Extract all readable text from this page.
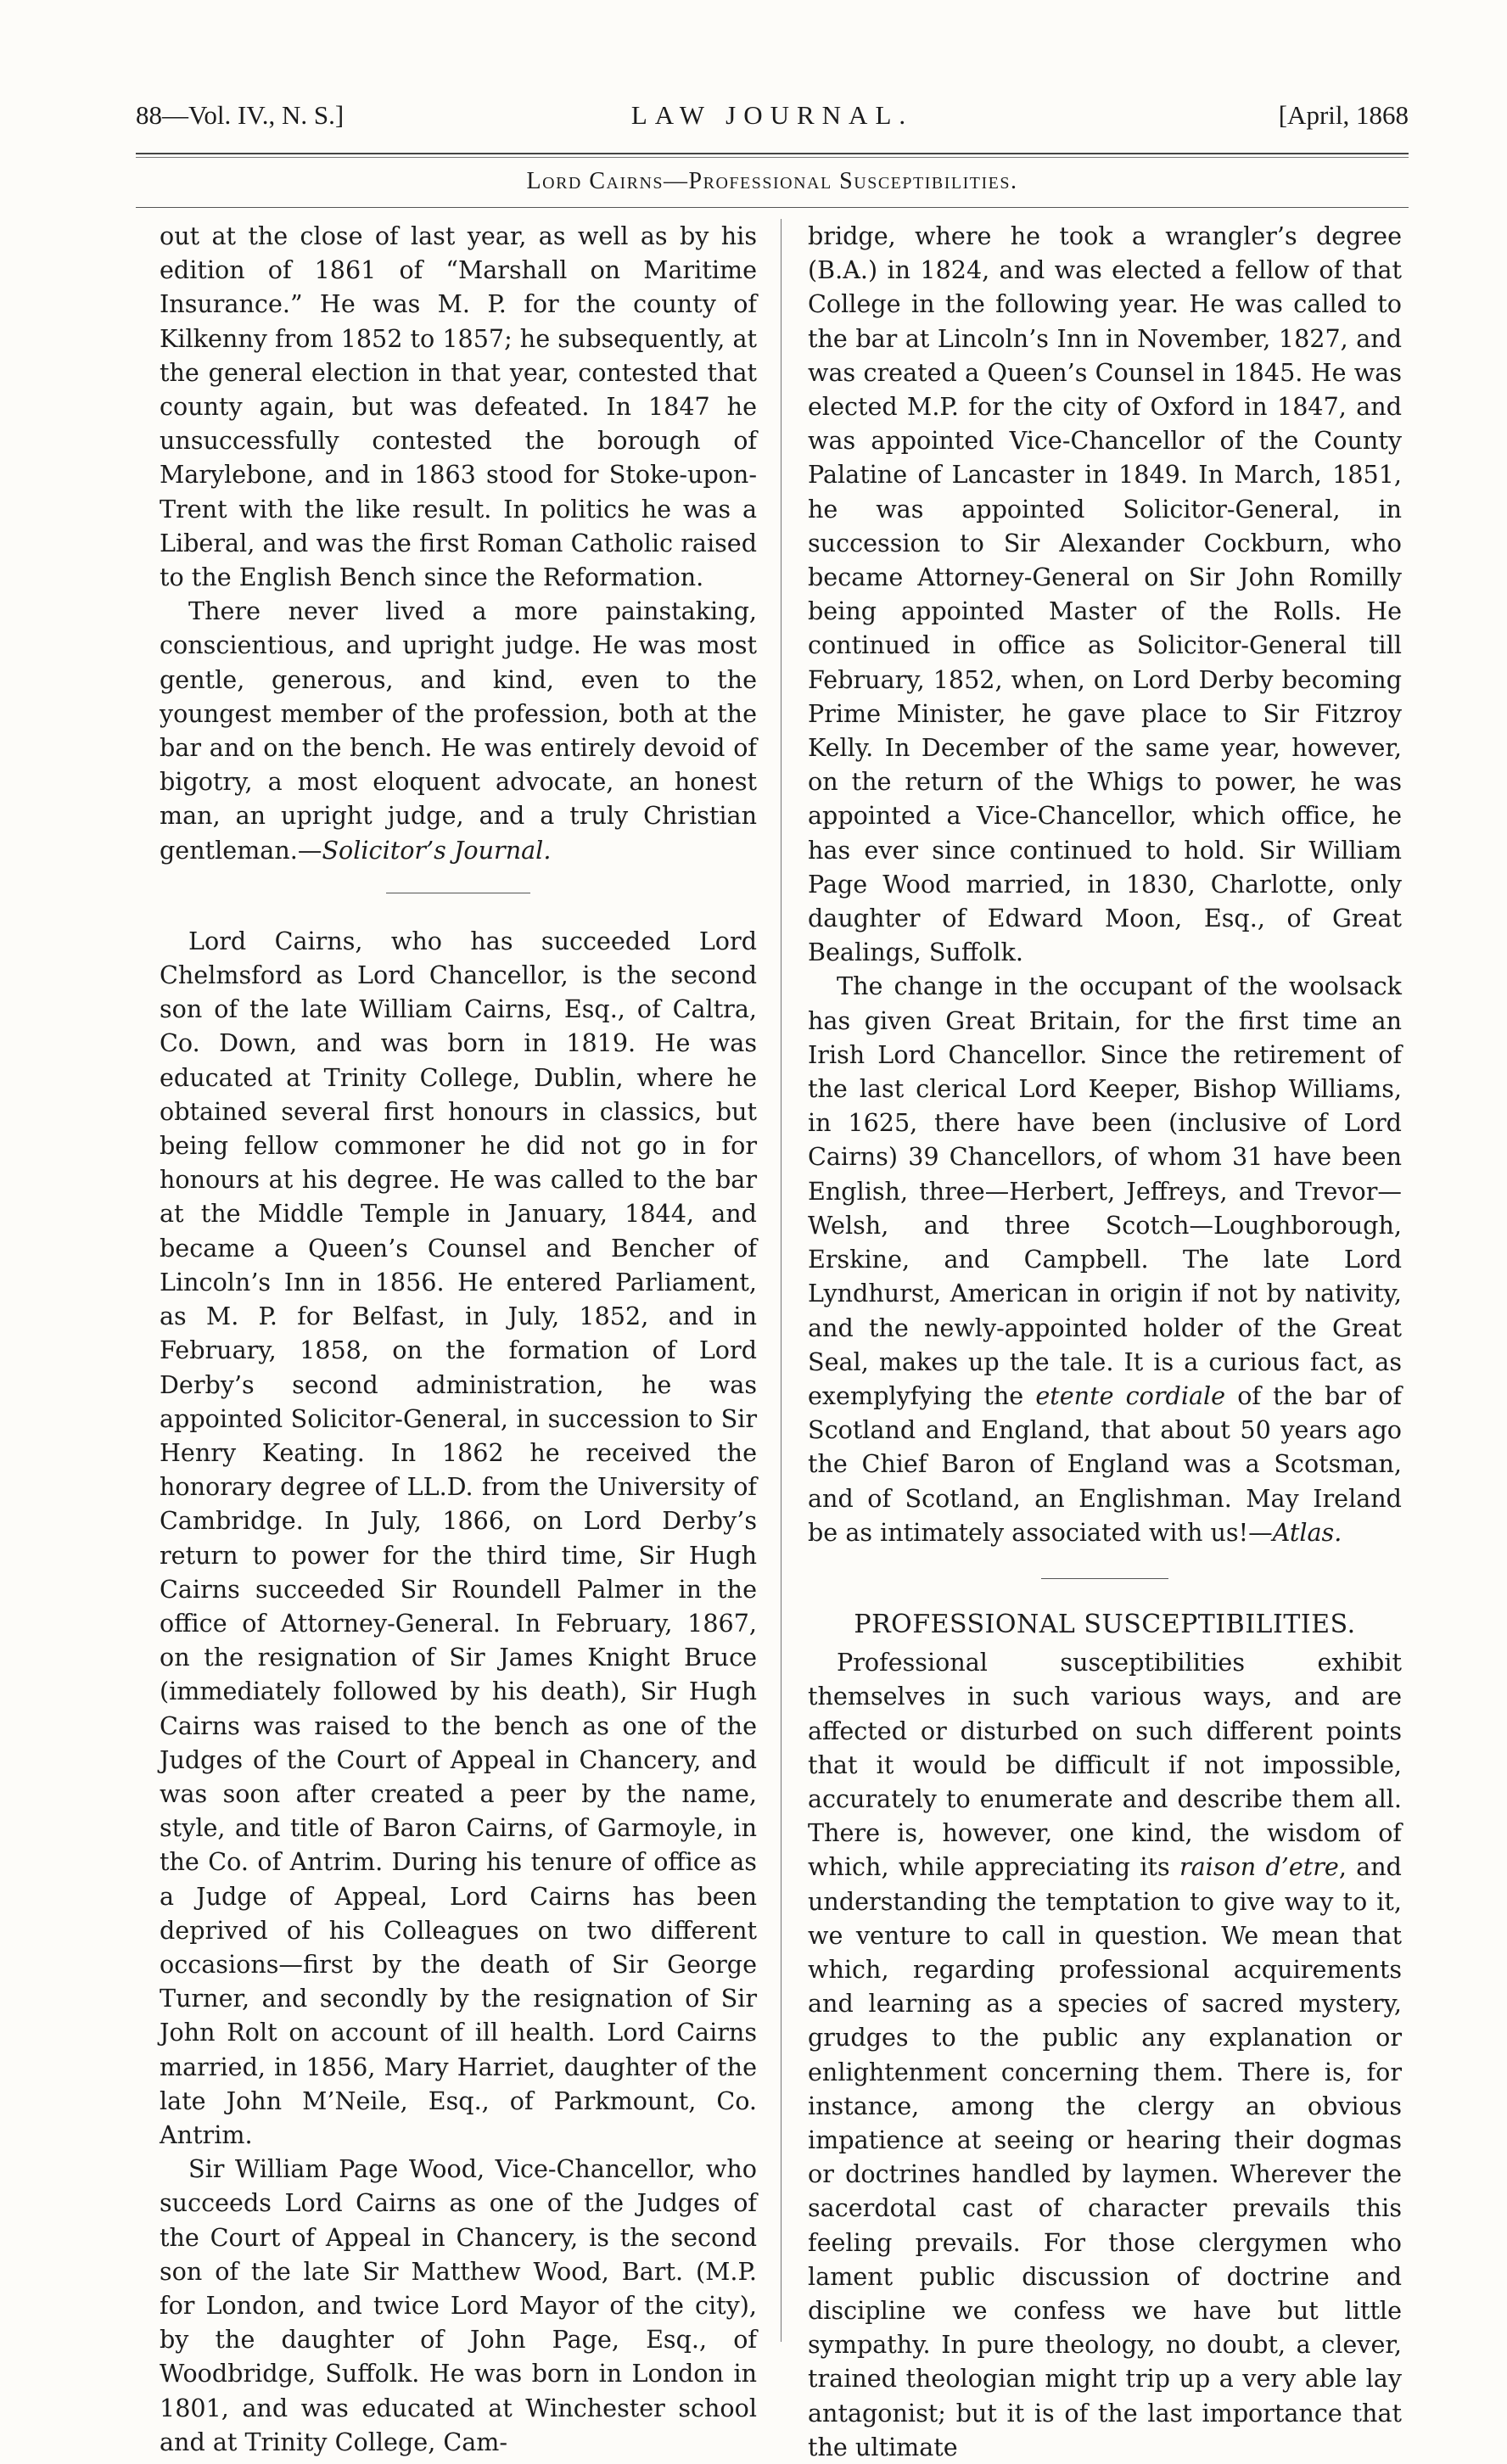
88—Vol. IV., N. S.]	LAW JOURNAL.	[April, 1868
Lord Cairns—Professional Susceptibilities.

out at the close of last year, as well as by his edition of 1861 of “Marshall on Maritime Insurance.” He was M. P. for the county of Kilkenny from 1852 to 1857; he subsequently, at the general election in that year, contested that county again, but was defeated. In 1847 he unsuccessfully contested the borough of Marylebone, and in 1863 stood for Stoke-upon-Trent with the like result. In politics he was a Liberal, and was the first Roman Catholic raised to the English Bench since the Reformation.

There never lived a more painstaking, conscientious, and upright judge. He was most gentle, generous, and kind, even to the youngest member of the profession, both at the bar and on the bench. He was entirely devoid of bigotry, a most eloquent advocate, an honest man, an upright judge, and a truly Christian gentleman.—Solicitor’s Journal.

Lord Cairns, who has succeeded Lord Chelmsford as Lord Chancellor, is the second son of the late William Cairns, Esq., of Caltra, Co. Down, and was born in 1819. He was educated at Trinity College, Dublin, where he obtained several first honours in classics, but being fellow commoner he did not go in for honours at his degree. He was called to the bar at the Middle Temple in January, 1844, and became a Queen’s Counsel and Bencher of Lincoln’s Inn in 1856. He entered Parliament, as M. P. for Belfast, in July, 1852, and in February, 1858, on the formation of Lord Derby’s second administration, he was appointed Solicitor-General, in succession to Sir Henry Keating. In 1862 he received the honorary degree of LL.D. from the University of Cambridge. In July, 1866, on Lord Derby’s return to power for the third time, Sir Hugh Cairns succeeded Sir Roundell Palmer in the office of Attorney-General. In February, 1867, on the resignation of Sir James Knight Bruce (immediately followed by his death), Sir Hugh Cairns was raised to the bench as one of the Judges of the Court of Appeal in Chancery, and was soon after created a peer by the name, style, and title of Baron Cairns, of Garmoyle, in the Co. of Antrim. During his tenure of office as a Judge of Appeal, Lord Cairns has been deprived of his Colleagues on two different occasions—first by the death of Sir George Turner, and secondly by the resignation of Sir John Rolt on account of ill health. Lord Cairns married, in 1856, Mary Harriet, daughter of the late John M’Neile, Esq., of Parkmount, Co. Antrim.

Sir William Page Wood, Vice-Chancellor, who succeeds Lord Cairns as one of the Judges of the Court of Appeal in Chancery, is the second son of the late Sir Matthew Wood, Bart. (M.P. for London, and twice Lord Mayor of the city), by the daughter of John Page, Esq., of Woodbridge, Suffolk. He was born in London in 1801, and was educated at Winchester school and at Trinity College, Cam-

bridge, where he took a wrangler’s degree (B.A.) in 1824, and was elected a fellow of that College in the following year. He was called to the bar at Lincoln’s Inn in November, 1827, and was created a Queen’s Counsel in 1845. He was elected M.P. for the city of Oxford in 1847, and was appointed Vice-Chancellor of the County Palatine of Lancaster in 1849. In March, 1851, he was appointed Solicitor-General, in succession to Sir Alexander Cockburn, who became Attorney-General on Sir John Romilly being appointed Master of the Rolls. He continued in office as Solicitor-General till February, 1852, when, on Lord Derby becoming Prime Minister, he gave place to Sir Fitzroy Kelly. In December of the same year, however, on the return of the Whigs to power, he was appointed a Vice-Chancellor, which office, he has ever since continued to hold. Sir William Page Wood married, in 1830, Charlotte, only daughter of Edward Moon, Esq., of Great Bealings, Suffolk.

The change in the occupant of the woolsack has given Great Britain, for the first time an Irish Lord Chancellor. Since the retirement of the last clerical Lord Keeper, Bishop Williams, in 1625, there have been (inclusive of Lord Cairns) 39 Chancellors, of whom 31 have been English, three—Herbert, Jeffreys, and Trevor—Welsh, and three Scotch—Loughborough, Erskine, and Campbell. The late Lord Lyndhurst, American in origin if not by nativity, and the newly-appointed holder of the Great Seal, makes up the tale. It is a curious fact, as exemplyfying the etente cordiale of the bar of Scotland and England, that about 50 years ago the Chief Baron of England was a Scotsman, and of Scotland, an Englishman. May Ireland be as intimately associated with us!—Atlas.

PROFESSIONAL SUSCEPTIBILITIES.

Professional susceptibilities exhibit themselves in such various ways, and are affected or disturbed on such different points that it would be difficult if not impossible, accurately to enumerate and describe them all. There is, however, one kind, the wisdom of which, while appreciating its raison d’etre, and understanding the temptation to give way to it, we venture to call in question. We mean that which, regarding professional acquirements and learning as a species of sacred mystery, grudges to the public any explanation or enlightenment concerning them. There is, for instance, among the clergy an obvious impatience at seeing or hearing their dogmas or doctrines handled by laymen. Wherever the sacerdotal cast of character prevails this feeling prevails. For those clergymen who lament public discussion of doctrine and discipline we confess we have but little sympathy. In pure theology, no doubt, a clever, trained theologian might trip up a very able lay antagonist; but it is of the last importance that the ultimate
